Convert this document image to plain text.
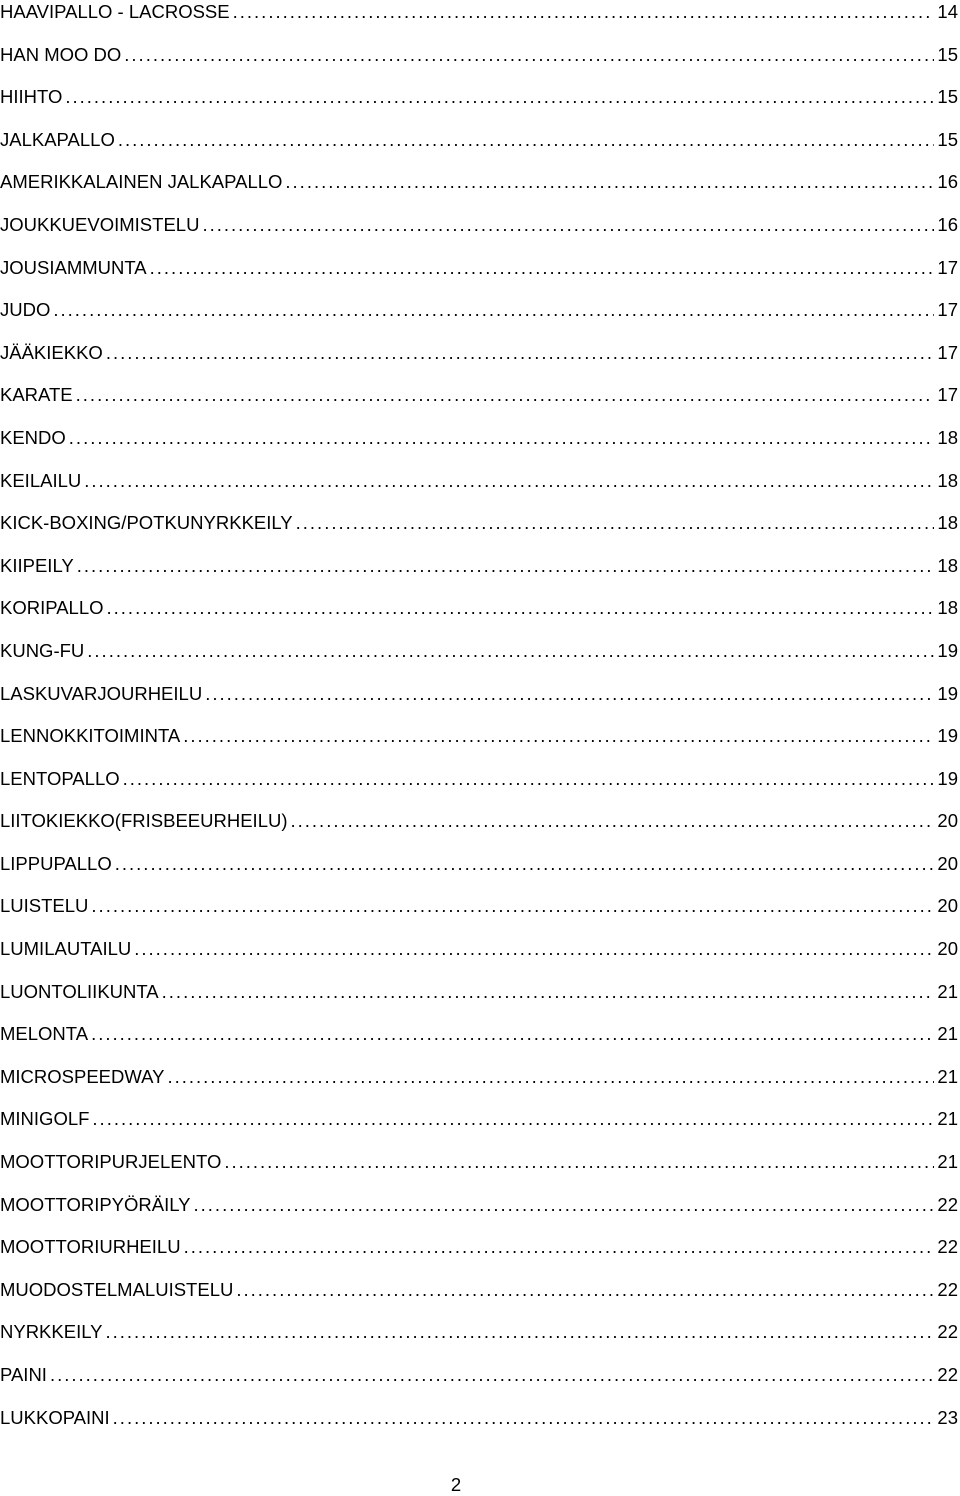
HAAVIPALLO - LACROSSE .....	14
HAN MOO DO .....	15
HIIHTO .....	15
JALKAPALLO .....	15
AMERIKKALAINEN JALKAPALLO .....	16
JOUKKUEVOIMISTELU .....	16
JOUSIAMMUNTA .....	17
JUDO .....	17
JÄÄKIEKKO .....	17
KARATE .....	17
KENDO .....	18
KEILAILU .....	18
KICK-BOXING/POTKUNYRKKEILY .....	18
KIIPEILY .....	18
KORIPALLO .....	18
KUNG-FU .....	19
LASKUVARJOURHEILU .....	19
LENNOKKITOIMINTA .....	19
LENTOPALLO .....	19
LIITOKIEKKO(FRISBEEURHEILU) .....	20
LIPPUPALLO .....	20
LUISTELU .....	20
LUMILAUTAILU .....	20
LUONTOLIIKUNTA .....	21
MELONTA .....	21
MICROSPEEDWAY .....	21
MINIGOLF .....	21
MOOTTORIPURJELENTO .....	21
MOOTTORIPYÖRÄILY .....	22
MOOTTORIURHEILU .....	22
MUODOSTELMALUISTELU .....	22
NYRKKEILY .....	22
PAINI .....	22
LUKKOPAINI .....	23
2
